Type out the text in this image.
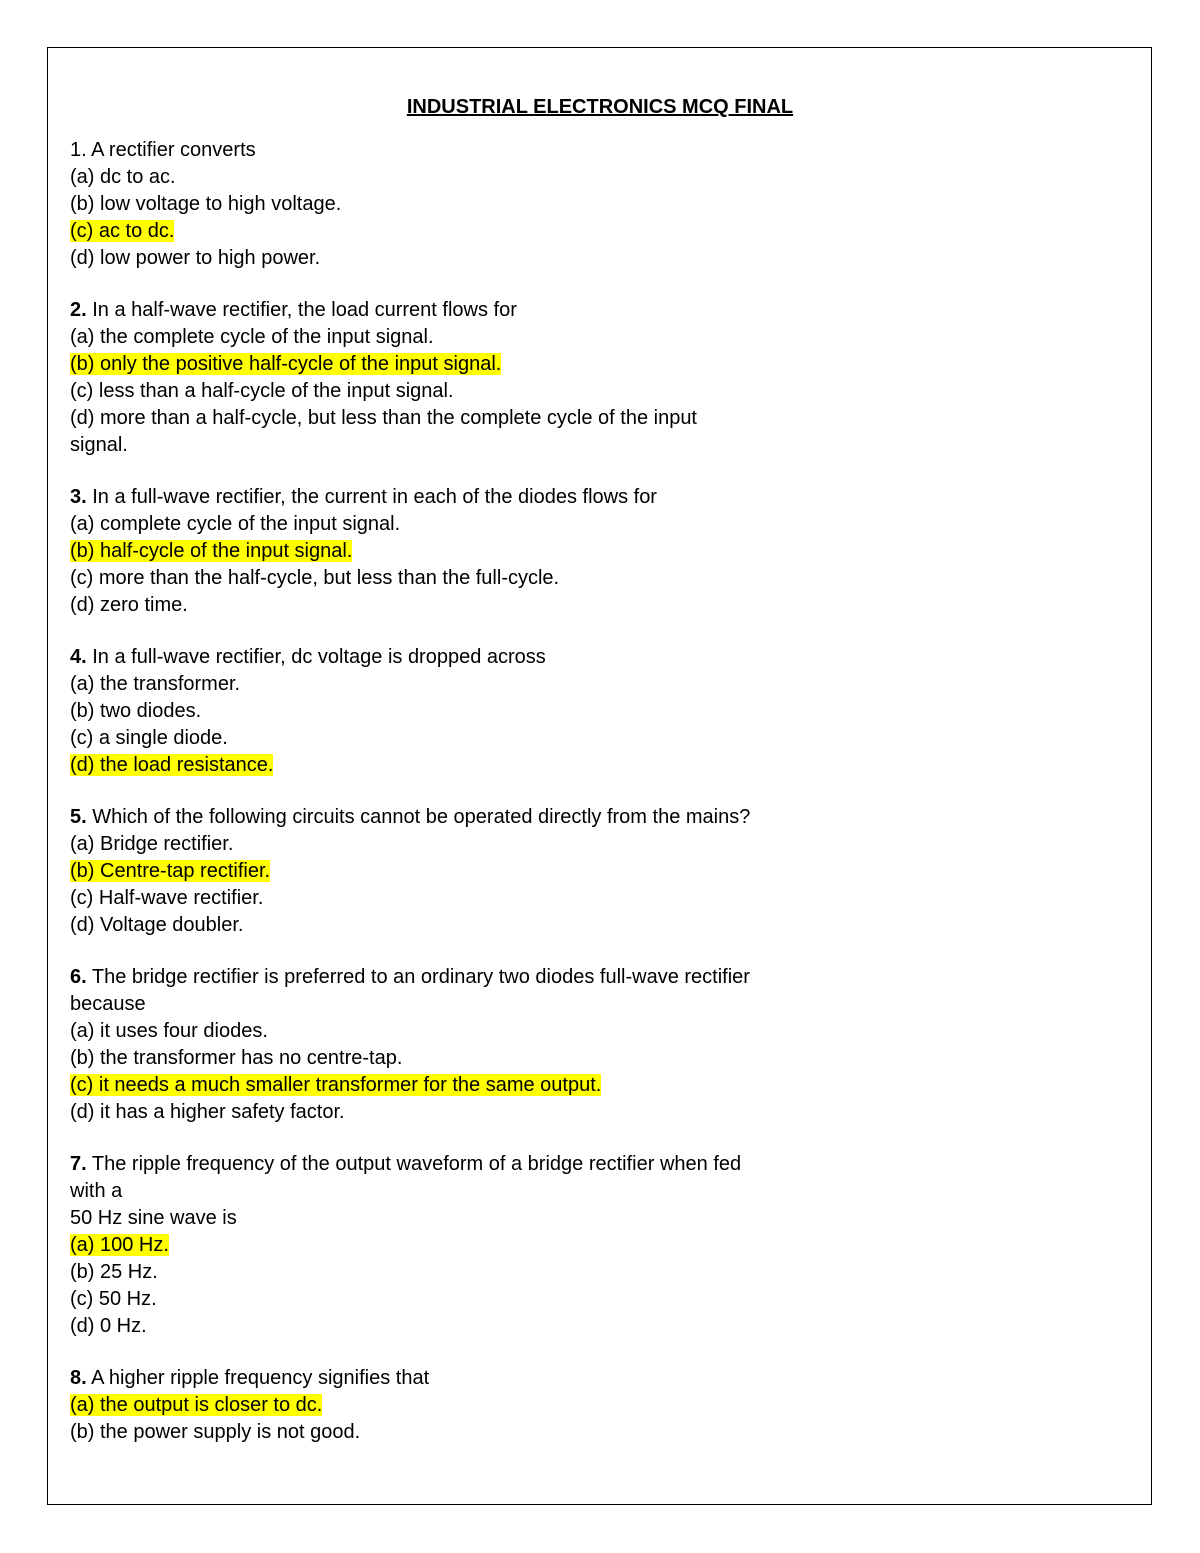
INDUSTRIAL ELECTRONICS MCQ FINAL
1. A rectifier converts
(a) dc to ac.
(b) low voltage to high voltage.
(c) ac to dc.
(d) low power to high power.
2. In a half-wave rectifier, the load current flows for
(a) the complete cycle of the input signal.
(b) only the positive half-cycle of the input signal.
(c) less than a half-cycle of the input signal.
(d) more than a half-cycle, but less than the complete cycle of the input
signal.
3. In a full-wave rectifier, the current in each of the diodes flows for
(a) complete cycle of the input signal.
(b) half-cycle of the input signal.
(c) more than the half-cycle, but less than the full-cycle.
(d) zero time.
4. In a full-wave rectifier, dc voltage is dropped across
(a) the transformer.
(b) two diodes.
(c) a single diode.
(d) the load resistance.
5. Which of the following circuits cannot be operated directly from the mains?
(a) Bridge rectifier.
(b) Centre-tap rectifier.
(c) Half-wave rectifier.
(d) Voltage doubler.
6. The bridge rectifier is preferred to an ordinary two diodes full-wave rectifier
because
(a) it uses four diodes.
(b) the transformer has no centre-tap.
(c) it needs a much smaller transformer for the same output.
(d) it has a higher safety factor.
7. The ripple frequency of the output waveform of a bridge rectifier when fed
with a
50 Hz sine wave is
(a) 100 Hz.
(b) 25 Hz.
(c) 50 Hz.
(d) 0 Hz.
8. A higher ripple frequency signifies that
(a) the output is closer to dc.
(b) the power supply is not good.
